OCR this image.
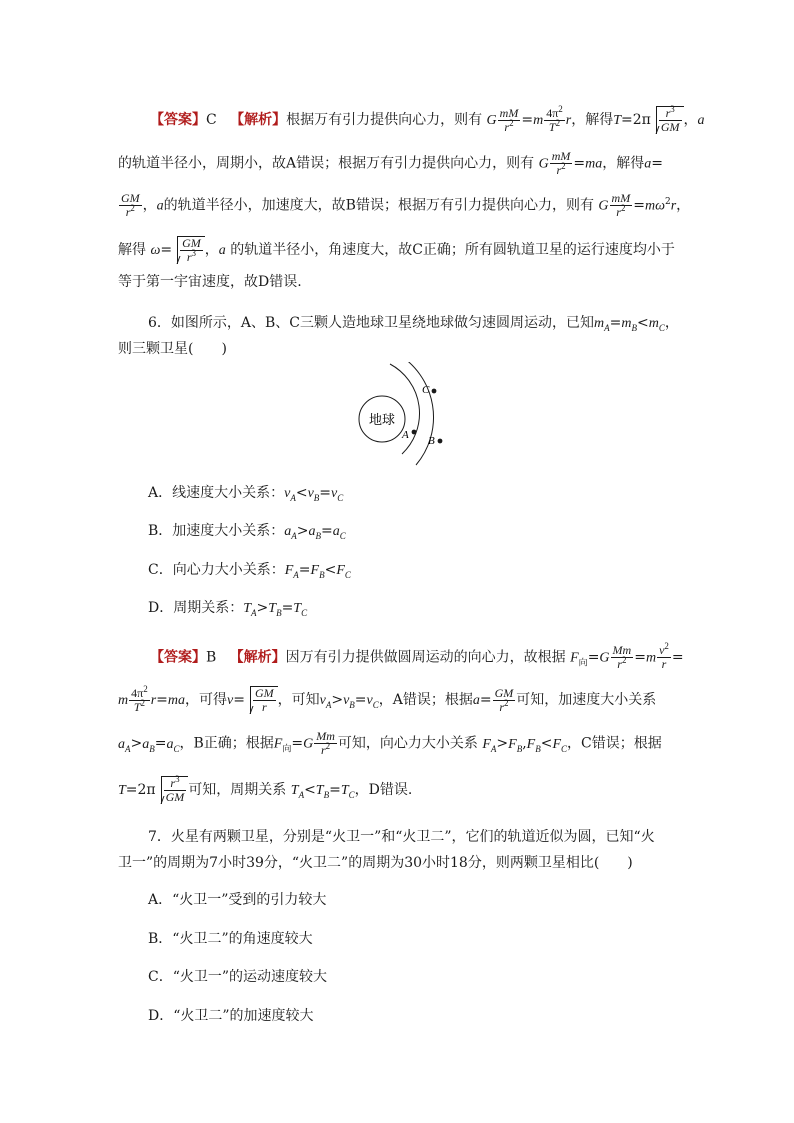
【答案】C 【解析】根据万有引力提供向心力，则有 G $\frac{mM}{r^2} =m \frac{4\pi^2}{T^2}$ r，解得$T=2\pi \frac{r^3}{GM}$ ，a
的轨道半径小，周期小，故A错误；根据万有引力提供向心力，则有 G $\frac{mM}{r^2} =ma$，解得a=
$\frac{GM}{r^2}$ ，a的轨道半径小，加速度大，故B错误；根据万有引力提供向心力，则有 G $\frac{mM}{r^2} =m\omega^2r$，
解得 $\omega= \frac{GM}{r^3}$ ，a 的轨道半径小，角速度大，故C正确；所有圆轨道卫星的运行速度均小于
等于第一宇宙速度，故D错误.
6．如图所示，A、B、C三颗人造地球卫星绕地球做匀速圆周运动，已知$m_A=m_B<m_C$，
则三颗卫星(　　)
地球
A B
C
A．线速度大小关系：$v_A<v_B=v_C$
B．加速度大小关系：$a_A>a_B=a_C$
C．向心力大小关系：$F_A=F_B<F_C$
D．周期关系：$T_A>T_B=T_C$
【答案】B 【解析】因万有引力提供做圆周运动的向心力，故根据 $F_向=G \frac{Mm}{r^2} =m \frac{v^2}{r}$ =
m $\frac{4\pi^2}{T^2} r=ma$，可得$v= \frac{GM}{r}$ ，可知$v_A>v_B=v_C$，A错误；根据$a= \frac{GM}{r^2}$ 可知，加速度大小关系
$a_A>a_B=a_C$，B正确；根据$F_向=G \frac{Mm}{r^2}$ 可知，向心力大小关系 $F_A>F_B,F_B<F_C$，C错误；根据
$T=2\pi \frac{r^3}{GM}$ 可知，周期关系 $T_A<T_B=T_C$，D错误.
7．火星有两颗卫星，分别是“火卫一”和“火卫二”，它们的轨道近似为圆，已知“火
卫一”的周期为7小时39分，“火卫二”的周期为30小时18分，则两颗卫星相比(　　)
A．“火卫一”受到的引力较大
B．“火卫二”的角速度较大
C．“火卫一”的运动速度较大
D．“火卫二”的加速度较大
